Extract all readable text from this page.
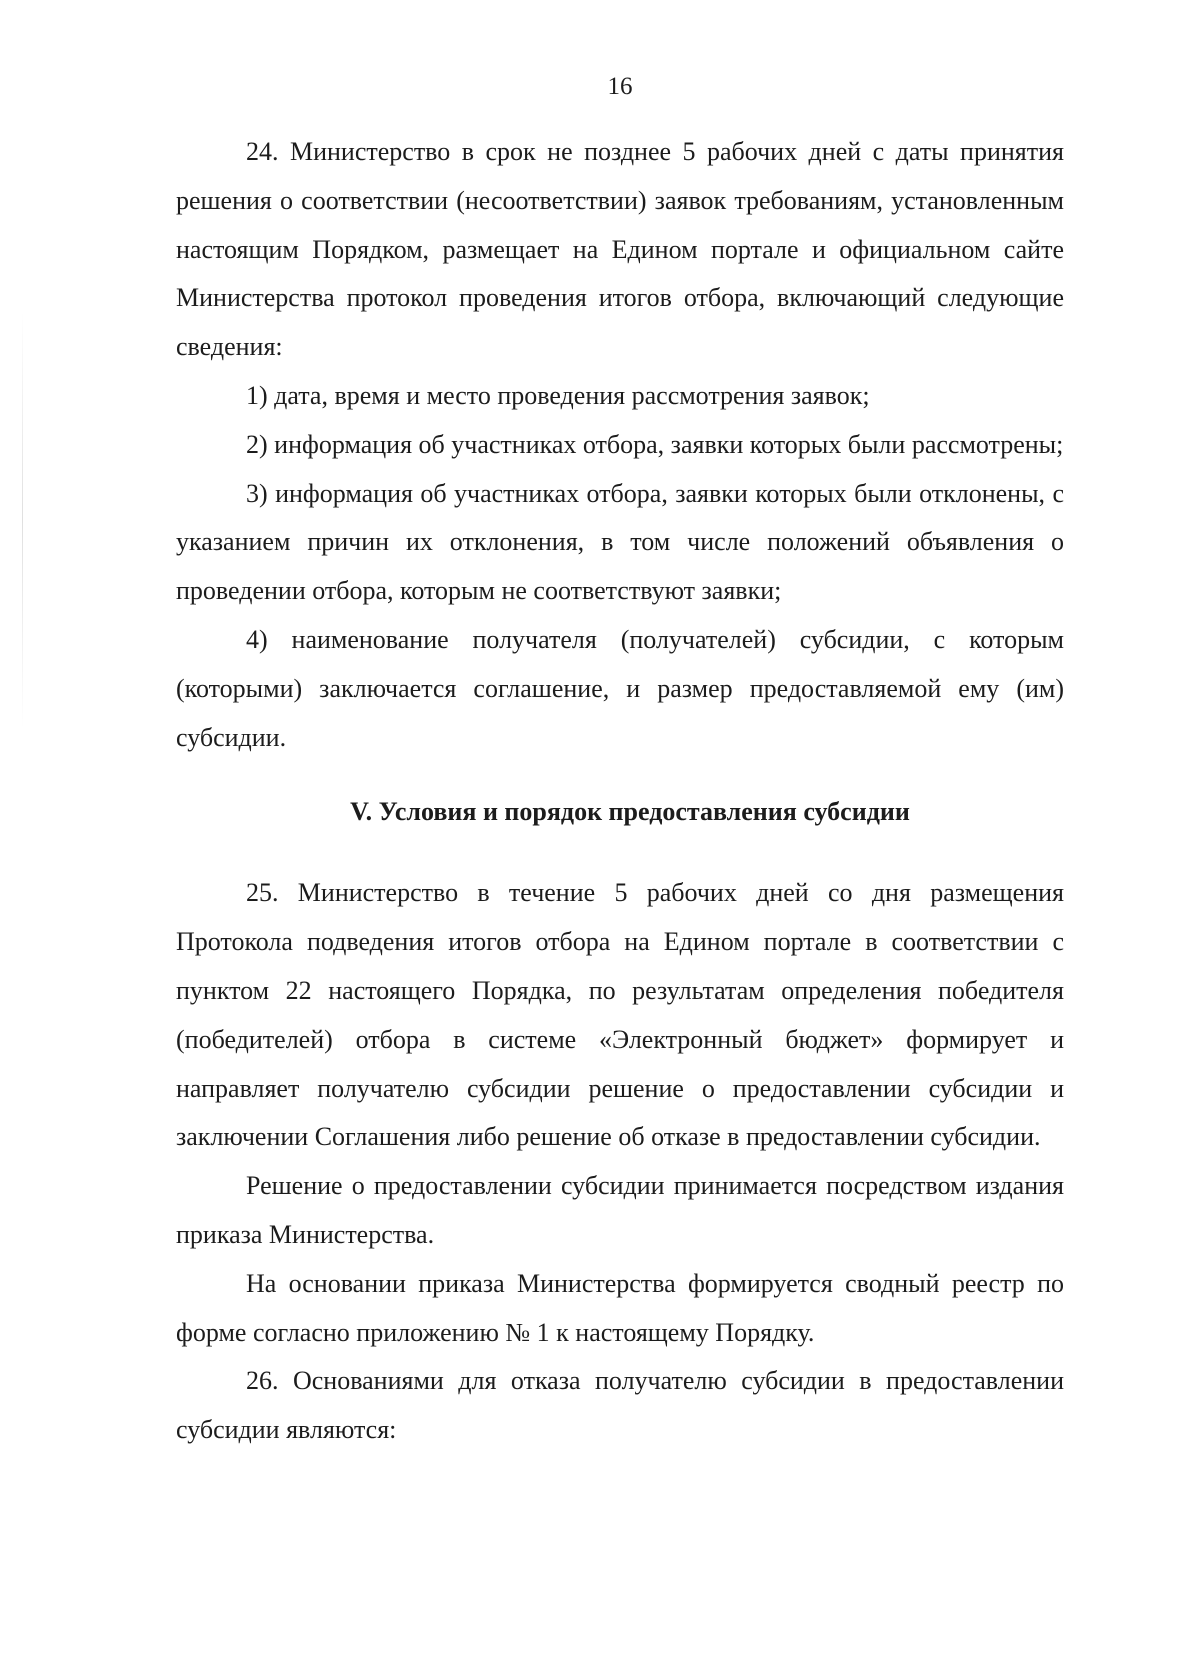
16

24. Министерство в срок не позднее 5 рабочих дней с даты принятия решения о соответствии (несоответствии) заявок требованиям, установленным настоящим Порядком, размещает на Едином портале и официальном сайте Министерства протокол проведения итогов отбора, включающий следующие сведения:

1) дата, время и место проведения рассмотрения заявок;

2) информация об участниках отбора, заявки которых были рассмотрены;

3) информация об участниках отбора, заявки которых были отклонены, с указанием причин их отклонения, в том числе положений объявления о проведении отбора, которым не соответствуют заявки;

4) наименование получателя (получателей) субсидии, с которым (которыми) заключается соглашение, и размер предоставляемой ему (им) субсидии.

V. Условия и порядок предоставления субсидии

25. Министерство в течение 5 рабочих дней со дня размещения Протокола подведения итогов отбора на Едином портале в соответствии с пунктом 22 настоящего Порядка, по результатам определения победителя (победителей) отбора в системе «Электронный бюджет» формирует и направляет получателю субсидии решение о предоставлении субсидии и заключении Соглашения либо решение об отказе в предоставлении субсидии.

Решение о предоставлении субсидии принимается посредством издания приказа Министерства.

На основании приказа Министерства формируется сводный реестр по форме согласно приложению № 1 к настоящему Порядку.

26. Основаниями для отказа получателю субсидии в предоставлении субсидии являются:
